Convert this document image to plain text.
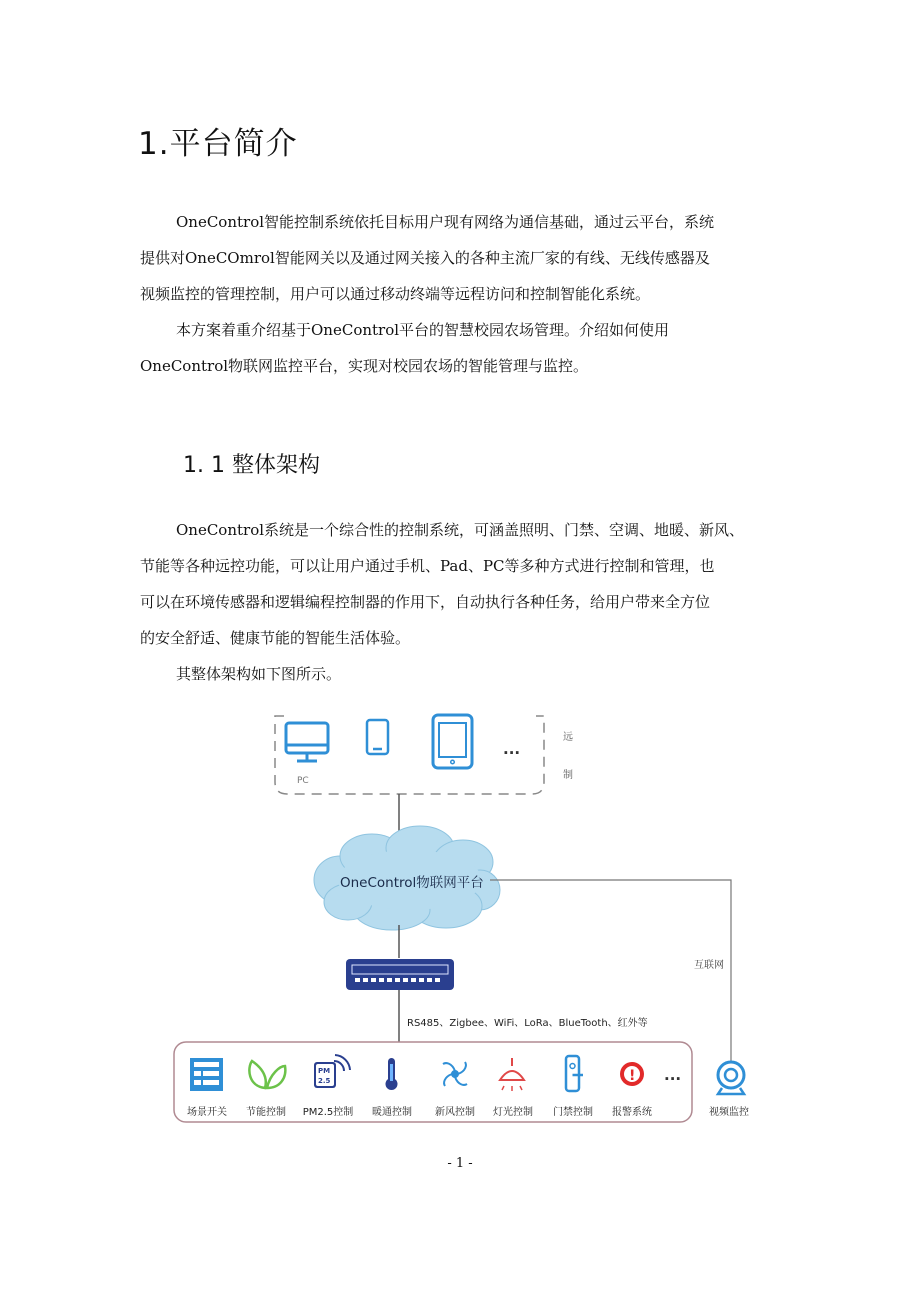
1.平台简介
OneControl智能控制系统依托目标用户现有网络为通信基础，通过云平台，系统
提供对OneCOmrol智能网关以及通过网关接入的各种主流厂家的有线、无线传感器及
视频监控的管理控制，用户可以通过移动终端等远程访问和控制智能化系统。
本方案着重介绍基于OneControl平台的智慧校园农场管理。介绍如何使用
OneControl物联网监控平台，实现对校园农场的智能管理与监控。
1. 1 整体架构
OneControl系统是一个综合性的控制系统，可涵盖照明、门禁、空调、地暖、新风、
节能等各种远控功能，可以让用户通过手机、Pad、PC等多种方式进行控制和管理，也
可以在环境传感器和逻辑编程控制器的作用下，自动执行各种任务，给用户带来全方位
的安全舒适、健康节能的智能生活体验。
其整体架构如下图所示。
PC
...
远
制
OneControl物联网平台
互联网
RS485、Zigbee、WiFi、LoRa、BlueTooth、红外等
PM
2.5	! ...
场景开关 节能控制 PM2.5控制 暖通控制 新风控制 灯光控制 门禁控制 报警系统	视频监控
- 1 -
